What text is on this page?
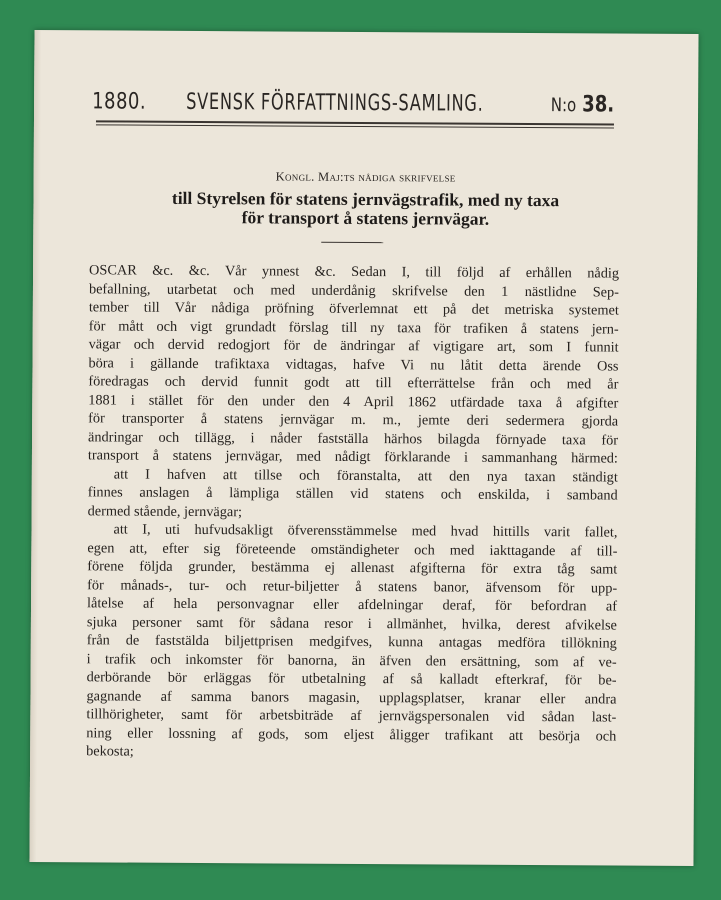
1880. SVENSK FÖRFATTNINGS-SAMLING.	N:o 38.
Kongl. Maj:ts nådiga skrifvelse
till Styrelsen för statens jernvägstrafik, med ny taxa
för transport å statens jernvägar.
OSCAR &c. &c. Vår ynnest &c. Sedan I, till följd af erhållen nådig
befallning, utarbetat och med underdånig skrifvelse den 1 nästlidne Sep-
tember till Vår nådiga pröfning öfverlemnat ett på det metriska systemet
för mått och vigt grundadt förslag till ny taxa för trafiken å statens jern-
vägar och dervid redogjort för de ändringar af vigtigare art, som I funnit
böra i gällande trafiktaxa vidtagas, hafve Vi nu låtit detta ärende Oss
föredragas och dervid funnit godt att till efterrättelse från och med år
1881 i stället för den under den 4 April 1862 utfärdade taxa å afgifter
för transporter å statens jernvägar m. m., jemte deri sedermera gjorda
ändringar och tillägg, i nåder fastställa härhos bilagda förnyade taxa för
transport å statens jernvägar, med nådigt förklarande i sammanhang härmed:
att I hafven att tillse och föranstalta, att den nya taxan ständigt
finnes anslagen å lämpliga ställen vid statens och enskilda, i samband
dermed stående, jernvägar;
att I, uti hufvudsakligt öfverensstämmelse med hvad hittills varit fallet,
egen att, efter sig företeende omständigheter och med iakttagande af till-
förene följda grunder, bestämma ej allenast afgifterna för extra tåg samt
för månads-, tur- och retur-biljetter å statens banor, äfvensom för upp-
låtelse af hela personvagnar eller afdelningar deraf, för befordran af
sjuka personer samt för sådana resor i allmänhet, hvilka, derest afvikelse
från de faststälda biljettprisen medgifves, kunna antagas medföra tillökning
i trafik och inkomster för banorna, än äfven den ersättning, som af ve-
derbörande bör erläggas för utbetalning af så kalladt efterkraf, för be-
gagnande af samma banors magasin, upplagsplatser, kranar eller andra
tillhörigheter, samt för arbetsbiträde af jernvägspersonalen vid sådan last-
ning eller lossning af gods, som eljest åligger trafikant att besörja och
bekosta;
